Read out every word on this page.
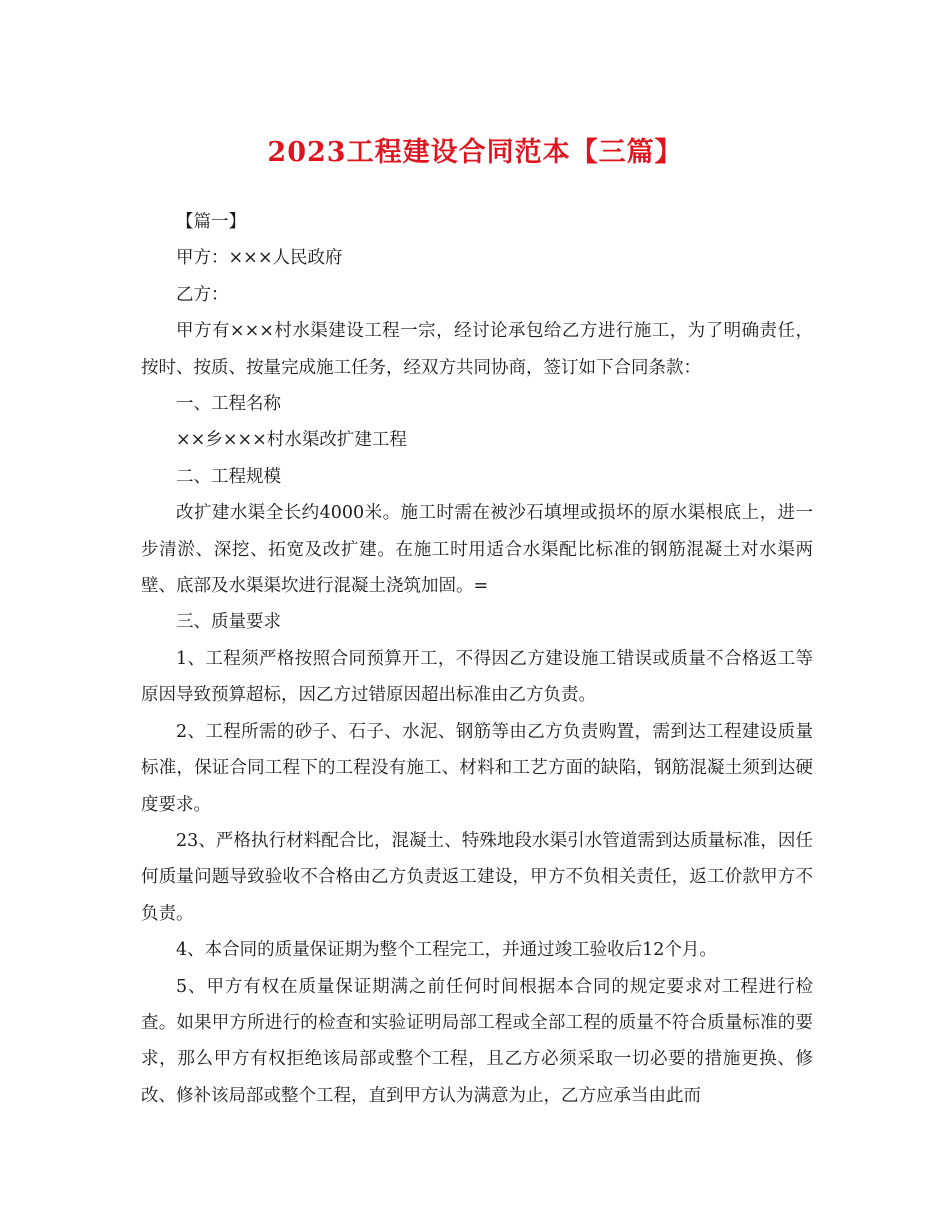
2023工程建设合同范本【三篇】

【篇一】

甲方：×××人民政府

乙方：

甲方有×××村水渠建设工程一宗，经讨论承包给乙方进行施工，为了明确责任，按时、按质、按量完成施工任务，经双方共同协商，签订如下合同条款：

一、工程名称

××乡×××村水渠改扩建工程

二、工程规模

改扩建水渠全长约4000米。施工时需在被沙石填埋或损坏的原水渠根底上，进一步清淤、深挖、拓宽及改扩建。在施工时用适合水渠配比标准的钢筋混凝土对水渠两壁、底部及水渠渠坎进行混凝土浇筑加固。=

三、质量要求

1、工程须严格按照合同预算开工，不得因乙方建设施工错误或质量不合格返工等原因导致预算超标，因乙方过错原因超出标准由乙方负责。

2、工程所需的砂子、石子、水泥、钢筋等由乙方负责购置，需到达工程建设质量标准，保证合同工程下的工程没有施工、材料和工艺方面的缺陷，钢筋混凝土须到达硬度要求。

23、严格执行材料配合比，混凝土、特殊地段水渠引水管道需到达质量标准，因任何质量问题导致验收不合格由乙方负责返工建设，甲方不负相关责任，返工价款甲方不负责。

4、本合同的质量保证期为整个工程完工，并通过竣工验收后12个月。

5、甲方有权在质量保证期满之前任何时间根据本合同的规定要求对工程进行检查。如果甲方所进行的检查和实验证明局部工程或全部工程的质量不符合质量标准的要求，那么甲方有权拒绝该局部或整个工程，且乙方必须采取一切必要的措施更换、修改、修补该局部或整个工程，直到甲方认为满意为止，乙方应承当由此而
